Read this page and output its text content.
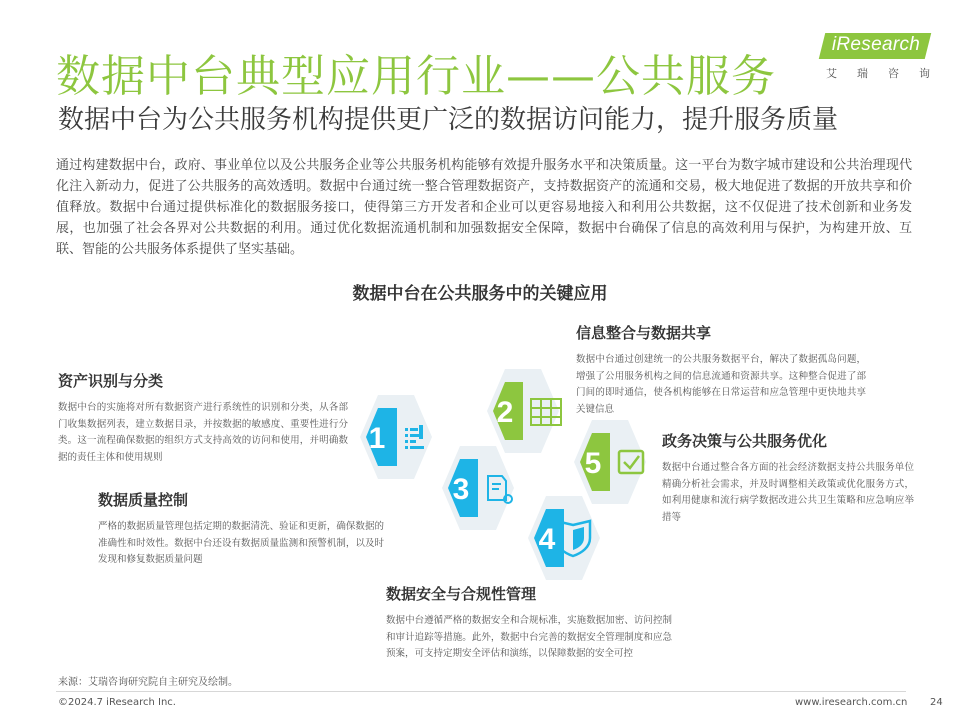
数据中台典型应用行业——公共服务
数据中台为公共服务机构提供更广泛的数据访问能力，提升服务质量
iResearch
艾瑞咨询

通过构建数据中台，政府、事业单位以及公共服务企业等公共服务机构能够有效提升服务水平和决策质量。这一平台为数字城市建设和公共治理现代化注入新动力，促进了公共服务的高效透明。数据中台通过统一整合管理数据资产，支持数据资产的流通和交易，极大地促进了数据的开放共享和价值释放。数据中台通过提供标准化的数据服务接口，使得第三方开发者和企业可以更容易地接入和利用公共数据，这不仅促进了技术创新和业务发展，也加强了社会各界对公共数据的利用。通过优化数据流通机制和加强数据安全保障，数据中台确保了信息的高效利用与保护，为构建开放、互联、智能的公共服务体系提供了坚实基础。

数据中台在公共服务中的关键应用
资产识别与分类

数据中台的实施将对所有数据资产进行系统性的识别和分类，从各部门收集数据列表，建立数据目录，并按数据的敏感度、重要性进行分类。这一流程确保数据的组织方式支持高效的访问和使用，并明确数据的责任主体和使用规则

信息整合与数据共享

数据中台通过创建统一的公共服务数据平台，解决了数据孤岛问题，增强了公用服务机构之间的信息流通和资源共享。这种整合促进了部门间的即时通信，使各机构能够在日常运营和应急管理中更快地共享关键信息

政务决策与公共服务优化

数据中台通过整合各方面的社会经济数据支持公共服务单位精确分析社会需求，并及时调整相关政策或优化服务方式，如利用健康和流行病学数据改进公共卫生策略和应急响应举措等

数据质量控制

严格的数据质量管理包括定期的数据清洗、验证和更新，确保数据的准确性和时效性。数据中台还设有数据质量监测和预警机制，以及时发现和修复数据质量问题

数据安全与合规性管理

数据中台遵循严格的数据安全和合规标准，实施数据加密、访问控制和审计追踪等措施。此外，数据中台完善的数据安全管理制度和应急预案，可支持定期安全评估和演练，以保障数据的安全可控

1
2
3
4
5
来源：艾瑞咨询研究院自主研究及绘制。
©2024.7 iResearch Inc.	www.iresearch.com.cn 24
